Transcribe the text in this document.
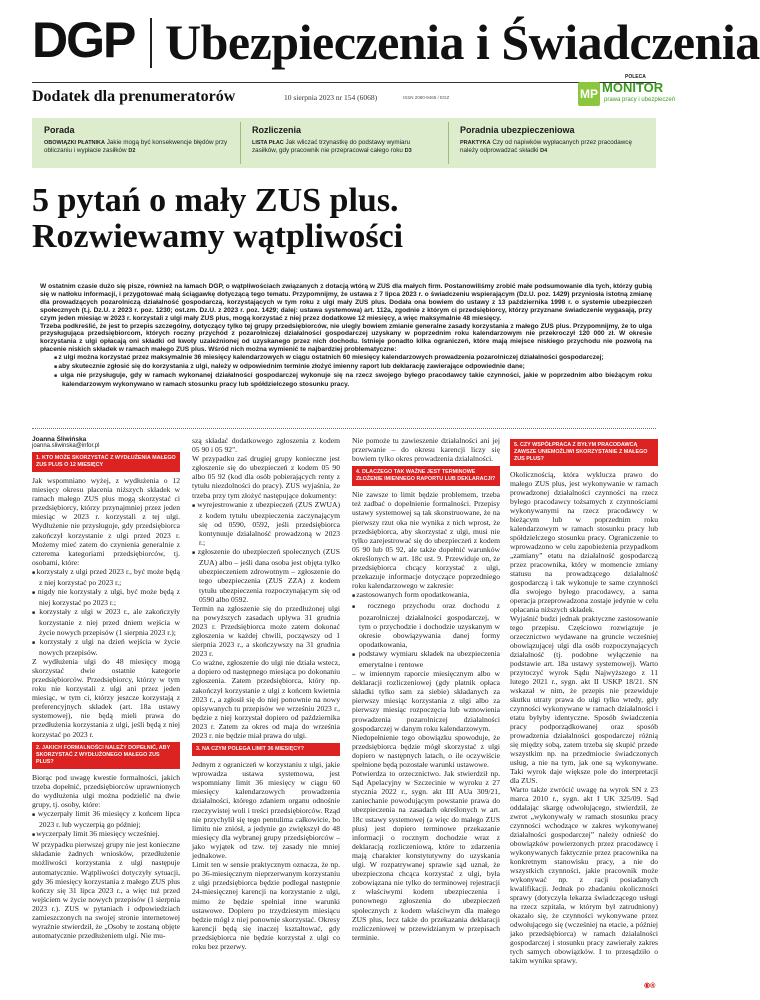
DGP Ubezpieczenia i Świadczenia
Dodatek dla prenumeratorów	10 sierpnia 2023 nr 154 (6068)	ISSN 2080-9468 / EGZ
POLECA
MP MONITOR
prawa pracy i ubezpieczeń
Porada

OBOWIĄZKI PŁATNIKA Jakie mogą być konsekwencje błędów przy obliczaniu i wypłacie zasiłków D2

Rozliczenia

LISTA PŁAC Jak wliczać trzynastkę do podstawy wymiaru zasiłków, gdy pracownik nie przepracował całego roku D3

Poradnia ubezpieczeniowa

PRAKTYKA Czy od napiwków wypłacanych przez pracodawcę należy odprowadzać składki D4

5 pytań o mały ZUS plus.
Rozwiewamy wątpliwości

W ostatnim czasie dużo się pisze, również na łamach DGP, o wątpliwościach związanych z dotacją wtórą w ZUS dla małych firm. Postanowiliśmy zrobić małe podsumowanie dla tych, którzy gubią się w natłoku informacji, i przygotować małą ściągawkę dotyczącą tego tematu. Przypomnijmy, że ustawa z 7 lipca 2023 r. o świadczeniu wspierającym (Dz.U. poz. 1429) przyniosła istotną zmianę dla prowadzących pozarolniczą działalność gospodarczą, korzystających w tym roku z ulgi mały ZUS plus. Dodała ona bowiem do ustawy z 13 października 1998 r. o systemie ubezpieczeń społecznych (t.j. Dz.U. z 2023 r. poz. 1230; ost.zm. Dz.U. z 2023 r. poz. 1429; dalej: ustawa systemowa) art. 112a, zgodnie z którym ci przedsiębiorcy, którzy przyznane świadczenie wygasają, przy czym jeden miesiąc w 2023 r. korzystali z ulgi mały ZUS plus, mogą korzystać z niej przez dodatkowe 12 miesięcy, a więc maksymalnie 48 miesięcy.

Trzeba podkreślić, że jest to przepis szczególny, dotyczący tylko tej grupy przedsiębiorców, nie ulegly bowiem zmianie generalne zasady korzystania z małego ZUS plus. Przypomnijmy, że to ulga przysługująca przedsiębiorcom, których roczny przychód z pozarolniczej działalności gospodarczej uzyskany w poprzednim roku kalendarzowym nie przekroczył 120 000 zł. W okresie korzystania z ulgi opłacają oni składki od kwoty uzależnionej od uzyskanego przez nich dochodu. Istnieje ponadto kilka ograniczeń, które mają miejsce niskiego przychodu nie pozwolą na płacenie niskich składek w ramach małego ZUS plus. Wśród nich można wymienić te najbardziej problematyczne:

■ z ulgi można korzystać przez maksymalnie 36 miesięcy kalendarzowych w ciągu ostatnich 60 miesięcy kalendarzowych prowadzenia pozarolniczej działalności gospodarczej;
■ aby skutecznie zgłosić się do korzystania z ulgi, należy w odpowiednim terminie złożyć imienny raport lub deklarację zawierające odpowiednie dane;
■ ulga nie przysługuje, gdy w ramach wykonanej działalności gospodarczej wykonuje się na rzecz swojego byłego pracodawcy takie czynności, jakie w poprzednim albo bieżącym roku kalendarzowym wykonywano w ramach stosunku pracy lub spółdzielczego stosunku pracy.
Joanna Śliwińska
joanna.sliwinska@infor.pl
1. KTO MOŻE SKORZYSTAĆ Z WYDŁUŻENIA MAŁEGO ZUS PLUS O 12 MIESIĘCY

Jak wspomniano wyżej, z wydłużenia o 12 miesięcy okresu płacenia niższych składek w ramach małego ZUS plus mogą skorzystać ci przedsiębiorcy, którzy przynajmniej przez jeden miesiąc w 2023 r. korzystali z tej ulgi. Wydłużenie nie przysługuje, gdy przedsiębiorca zakończył korzystanie z ulgi przed 2023 r. Możemy mieć zatem do czynienia generalnie z czterema kategoriami przedsiębiorców, tj. osobami, które:

■ korzystały z ulgi przed 2023 r., być może będą z niej korzystać po 2023 r.;
■ nigdy nie korzystały z ulgi, być może będą z niej korzystać po 2023 r.;
■ korzystały z ulgi w 2023 r., ale zakończyły korzystanie z niej przed dniem wejścia w życie nowych przepisów (1 sierpnia 2023 r.);
■ korzystały z ulgi na dzień wejścia w życie nowych przepisów.

Z wydłużenia ulgi do 48 miesięcy mogą skorzystać dwie ostatnie kategorie przedsiębiorców. Przedsiębiorcy, którzy w tym roku nie korzystali z ulgi ani przez jeden miesiąc, w tym ci, którzy jeszcze korzystają z preferencyjnych składek (art. 18a ustawy systemowej), nie będą mieli prawa do przedłużenia korzystania z ulgi, jeśli będą z niej korzystać po 2023 r.

2. JAKICH FORMALNOŚCI NALEŻY DOPEŁNIĆ, ABY SKORZYSTAĆ Z WYDŁUŻONEGO MAŁEGO ZUS PLUS?

Biorąc pod uwagę kwestie formalności, jakich trzeba dopełnić, przedsiębiorców uprawnionych do wydłużenia ulgi można podzielić na dwie grupy, tj. osoby, które:

■ wyczerpały limit 36 miesięcy z końcem lipca 2023 r. lub wyczerpią go później;
■ wyczerpały limit 36 miesięcy wcześniej.

W przypadku pierwszej grupy nie jest konieczne składanie żadnych wniosków, przedłużenie możliwości korzystania z ulgi następuje automatycznie. Wątpliwości dotyczyły sytuacji, gdy 36 miesięcy korzystania z małego ZUS plus kończy się 31 lipca 2023 r., a więc tuż przed wejściem w życie nowych przepisów (1 sierpnia 2023 r.). ZUS w pytaniach i odpowiedziach zamieszczonych na swojej stronie internetowej wyraźnie stwierdził, że „Osoby te zostaną objęte automatycznie przedłużeniem ulgi. Nie mu-

szą składać dodatkowego zgłoszenia z kodem 05 90 i 05 92".

W przypadku zaś drugiej grupy konieczne jest zgłoszenie się do ubezpieczeń z kodem 05 90 albo 05 92 (kod dla osób pobierających renty z tytułu niezdolności do pracy). ZUS wyjaśnia, że trzeba przy tym złożyć następujące dokumenty:

■ wyrejestrowanie z ubezpieczeń (ZUS ZWUA) z kodem tytułu ubezpieczenia zaczynającym się od 0590, 0592, jeśli przedsiębiorca kontynuuje działalność prowadzoną w 2023 r.;
■ zgłoszenie do ubezpieczeń społecznych (ZUS ZUA) albo – jeśli dana osoba jest objęta tylko ubezpieczeniem zdrowotnym – zgłoszenie do tego ubezpieczenia (ZUS ZZA) z kodem tytułu ubezpieczenia rozpoczynającym się od 0590 albo 0592.

Termin na zgłoszenie się do przedłużonej ulgi na powyższych zasadach upływa 31 grudnia 2023 r. Przedsiębiorca może zatem dokonać zgłoszenia w każdej chwili, począwszy od 1 sierpnia 2023 r., a skończywszy na 31 grudnia 2023 r.

Co ważne, zgłoszenie do ulgi nie działa wstecz, a dopiero od następnego miesiąca po dokonaniu zgłoszenia. Zatem przedsiębiorca, który np. zakończył korzystanie z ulgi z końcem kwietnia 2023 r., a zgłosił się do niej ponownie na nowy opisywanych tu przepisów we wrześniu 2023 r., będzie z niej korzystał dopiero od października 2023 r. Zatem za okres od maja do września 2023 r. nie będzie miał prawa do ulgi.

3. NA CZYM POLEGA LIMIT 36 MIESIĘCY?

Jednym z ograniczeń w korzystaniu z ulgi, jakie wprowadza ustawa systemowa, jest wspomniany limit 36 miesięcy w ciągu 60 miesięcy kalendarzowych prowadzenia działalności, którego zdaniem organu odnośnie rzeczywistej woli i treści przedsiębiorców. Rząd nie przychylił się tego pentulima całkowicie, bo limitu nie zniósł, a jedynie go zwiększył do 48 miesięcy dla wybranej grupy przedsiębiorców – jako wyjątek od tzw. tej zasady nie mniej jednakowe.

Limit ten w sensie praktycznym oznacza, że np. po 36-miesięcznym nieprzerwanym korzystaniu z ulgi przedsiębiorca będzie podlegał następnie 24-miesięcznej karencji na korzystanie z ulgi, mimo że będzie spełniał inne warunki ustawowe. Dopiero po trzydziestym miesiącu będzie mógł z niej ponownie skorzystać. Okresy karencji będą się inaczej kształtować, gdy przedsiębiorca nie będzie korzystał z ulgi co roku bez przerwy.

Nie pomoże tu zawieszenie działalności ani jej przerwanie – do okresu karencji liczy się bowiem tylko okres prowadzenia działalności.

4. DLACZEGO TAK WAŻNE JEST TERMINOWE ZŁOŻENIE IMIENNEGO RAPORTU LUB DEKLARACJI?

Nie zawsze to limit będzie problemem, trzeba też zadbać o dopełnienie formalności. Przepisy ustawy systemowej są tak skonstruowane, że na pierwszy rzut oka nie wynika z nich wprost, że przedsiębiorca, aby skorzystać z ulgi, musi nie tylko zarejestrować się do ubezpieczeń z kodem 05 90 lub 05 92, ale także dopełnić warunków określonych w art. 18c ust. 9. Przewiduje on, że przedsiębiorca chcący korzystać z ulgi, przekazuje informacje dotyczące poprzedniego roku kalendarzowego w zakresie:

■ zastosowanych form opodatkowania,
■ rocznego przychodu oraz dochodu z pozarolniczej działalności gospodarczej, w tym o przychodzie i dochodzie uzyskanym w okresie obowiązywania danej formy opodatkowania,
■ podstawy wymiaru składek na ubezpieczenia emerytalne i rentowe

– w imiennym raporcie miesięcznym albo w deklaracji rozliczeniowej (gdy płatnik opłaca składki tylko sam za siebie) składanych za pierwszy miesiąc korzystania z ulgi albo za pierwszy miesiąc rozpoczęcia lub wznowienia prowadzenia pozarolniczej działalności gospodarczej w danym roku kalendarzowym.

Niedopełnienie tego obowiązku spowoduje, że przedsiębiorca będzie mógł skorzystać z ulgi dopiero w następnych latach, o ile oczywiście spełnione będą pozostałe warunki ustawowe.

Potwierdza to orzecznictwo. Jak stwierdził np. Sąd Apelacyjny w Szczecinie w wyroku z 27 stycznia 2022 r., sygn. akt III AUa 309/21, zaniechanie powodującym powstanie prawa do ubezpieczenia na zasadach określonych w art. 18c ustawy systemowej (a więc do małego ZUS plus) jest dopiero terminowe przekazanie informacji o rocznym dochodzie wraz z deklaracją rozliczeniową, które to zdarzenia mają charakter konstytutywny do uzyskania ulgi. W rozpatrywanej sprawie sąd uznał, że ubezpieczona chcąca korzystać z ulgi, była zobowiązana nie tylko do terminowej rejestracji z właściwymi kodem ubezpieczenia i ponownego zgłoszenia do ubezpieczeń społecznych z kodem właściwym dla małego ZUS plus, lecz także do przekazania deklaracji rozliczeniowej w przewidzianym w przepisach terminie.

5. CZY WSPÓŁPRACA Z BYŁYM PRACODAWCĄ ZAWSZE UNIEMOŻLIWI SKORZYSTANIE Z MAŁEGO ZUS PLUS?

Okolicznością, która wyklucza prawo do małego ZUS plus, jest wykonywanie w ramach prowadzonej działalności czynności na rzecz byłego pracodawcy tożsamych z czynnościami wykonywanymi na rzecz pracodawcy w bieżącym lub w poprzednim roku kalendarzowym w ramach stosunku pracy lub spółdzielczego stosunku pracy. Ograniczenie to wprowadzono w celu zapobieżenia przypadkom „zamiany” etatu na działalność gospodarczą przez pracownika, który w momencie zmiany statusu na prowadzącego działalność gospodarczą i tak wykonuje te same czynności dla swojego byłego pracodawcy, a sama operacja przeprowadzona zostaje jedynie w celu opłacania niższych składek.

Wyjaśnić budzi jednak praktyczne zastosowanie tego przepisu. Częściowo rozwiązuje je orzecznictwo wydawane na gruncie wcześniej obowiązującej ulgi dla osób rozpoczynających działalność (tj. podobne wyłączenie na podstawie art. 18a ustawy systemowej). Warto przytoczyć wyrok Sądu Najwyższego z 11 lutego 2021 r., sygn. akt II USKP 18/21. SN wskazał w nim, że przepis nie przewiduje skutku utraty prawa do ulgi tylko wtedy, gdy czynności wykonywane w ramach działalności i etatu byłyby identyczne. Sposób świadczenia pracy podporządkowanej oraz sposób prowadzenia działalności gospodarczej różnią się między sobą, zatem trzeba się skupić przede wszystkim np. na przedmiocie świadczonych usług, a nie na tym, jak one są wykonywane. Taki wyrok daje większe pole do interpretacji dla ZUS.

Warto także zwrócić uwagę na wyrok SN z 23 marca 2010 r., sygn. akt I UK 325/09. Sąd oddalając skargę odwołującego, stwierdził, że zwrot „wykonywały w ramach stosunku pracy czynności wchodzące w zakres wykonywanej działalności gospodarczej” należy odnieść do obowiązków powierzonych przez pracodawcę i wykonywanych faktycznie przez pracownika na konkretnym stanowisku pracy, a nie do wszystkich czynności, jakie pracownik może wykonywać np. z racji posiadanych kwalifikacji. Jednak po zbadaniu okoliczności sprawy (dotyczyła lekarza świadczącego usługi na rzecz szpitala, w którym był zatrudniony) okazało się, że czynności wykonywane przez odwołującego się (wcześniej na etacie, a później jako przedsiębiorca) w ramach działalności gospodarczej i stosunku pracy zawierały zakres tych samych obowiązków. I to przesądziło o takim wyniku sprawy.

⑥®
